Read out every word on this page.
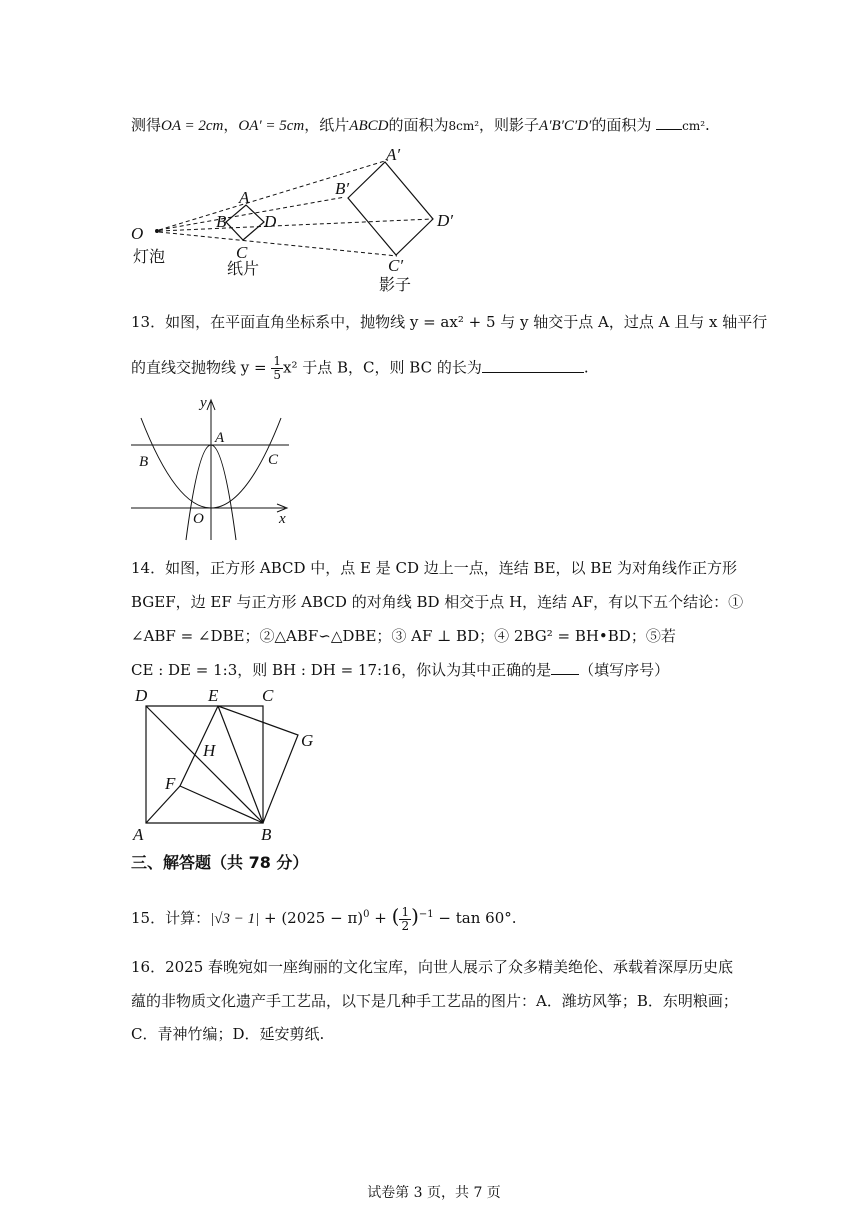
测得OA = 2cm，OA′ = 5cm，纸片ABCD的面积为8cm²，则影子A′B′C′D′的面积为	cm².
O
A
B D
C
A′
B′
D′
C′
灯泡
纸片
影子
13．如图，在平面直角坐标系中，抛物线 y = ax² + 5 与 y 轴交于点 A，过点 A 且与 x 轴平行
的直线交抛物线 $y = \frac{1}{5} x^2$ 于点 B，C，则 BC 的长为	.
y
A
B	C
O	x
14．如图，正方形 ABCD 中，点 E 是 CD 边上一点，连结 BE，以 BE 为对角线作正方形
BGEF，边 EF 与正方形 ABCD 的对角线 BD 相交于点 H，连结 AF，有以下五个结论：①
∠ABF = ∠DBE；②△ABF∽△DBE；③ AF ⊥ BD；④ 2BG² = BH•BD；⑤若
CE : DE = 1:3，则 BH : DH = 17:16，你认为其中正确的是 （填写序号）
D	E	C
G
H
F
A	B
三、解答题（共 78 分）
15．计算：$|√3 - 1| + (2025 - \pi)^0$ + ( $\frac{1}{2} )^{-1} - \tan 60^\circ$.
16．2025 春晚宛如一座绚丽的文化宝库，向世人展示了众多精美绝伦、承载着深厚历史底
蕴的非物质文化遗产手工艺品，以下是几种手工艺品的图片：A．潍坊风筝；B．东明粮画；
C．青神竹编；D．延安剪纸.
试卷第 3 页，共 7 页
